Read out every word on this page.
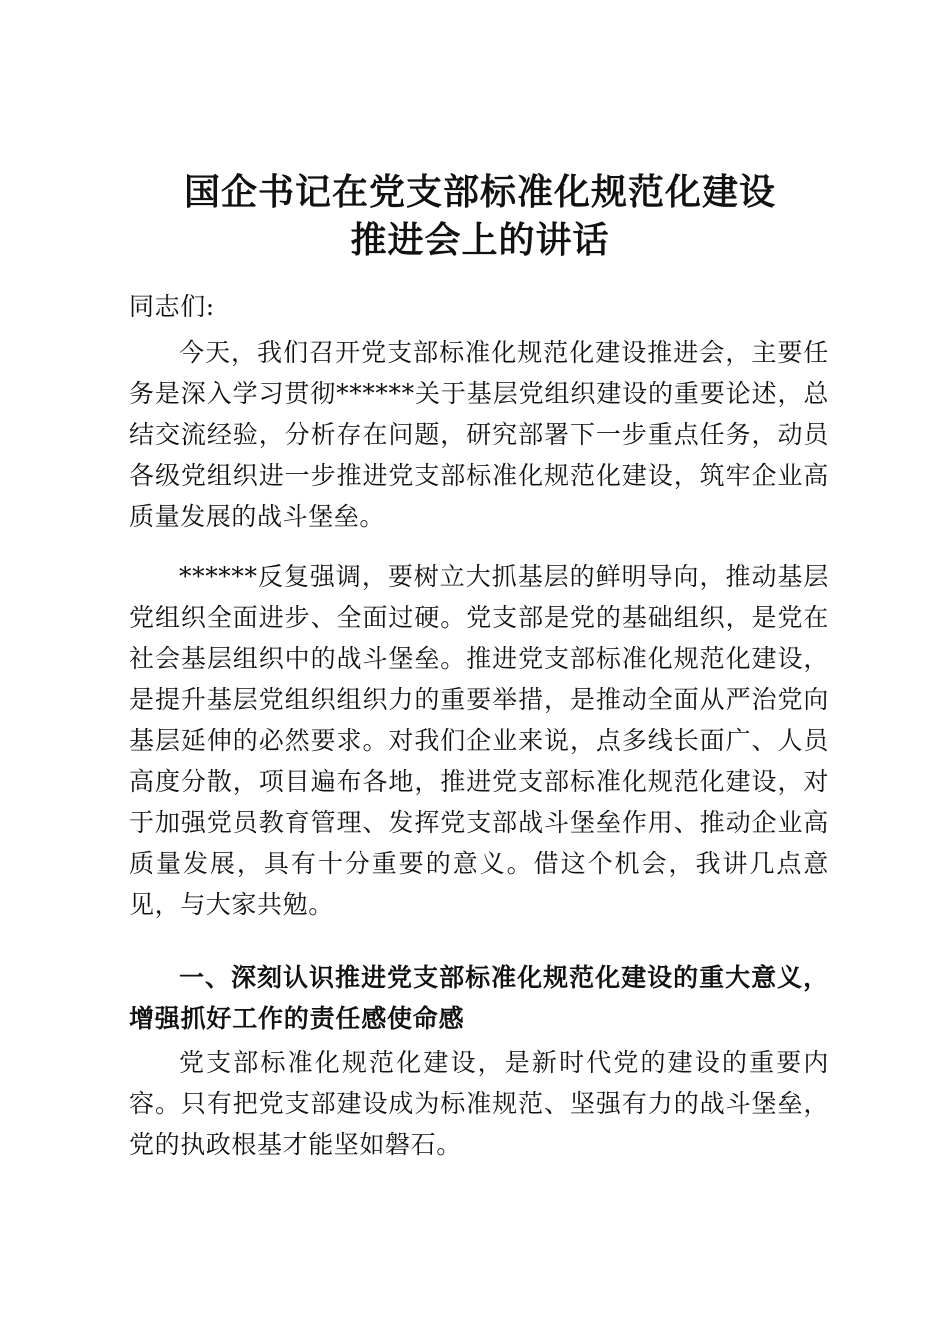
国企书记在党支部标准化规范化建设
推进会上的讲话

同志们:

今天，我们召开党支部标准化规范化建设推进会，主要任务是深入学习贯彻******关于基层党组织建设的重要论述，总结交流经验，分析存在问题，研究部署下一步重点任务，动员各级党组织进一步推进党支部标准化规范化建设，筑牢企业高质量发展的战斗堡垒。

******反复强调，要树立大抓基层的鲜明导向，推动基层党组织全面进步、全面过硬。党支部是党的基础组织，是党在社会基层组织中的战斗堡垒。推进党支部标准化规范化建设，是提升基层党组织组织力的重要举措，是推动全面从严治党向基层延伸的必然要求。对我们企业来说，点多线长面广、人员高度分散，项目遍布各地，推进党支部标准化规范化建设，对于加强党员教育管理、发挥党支部战斗堡垒作用、推动企业高质量发展，具有十分重要的意义。借这个机会，我讲几点意见，与大家共勉。

一、深刻认识推进党支部标准化规范化建设的重大意义，增强抓好工作的责任感使命感

党支部标准化规范化建设，是新时代党的建设的重要内容。只有把党支部建设成为标准规范、坚强有力的战斗堡垒，党的执政根基才能坚如磐石。
